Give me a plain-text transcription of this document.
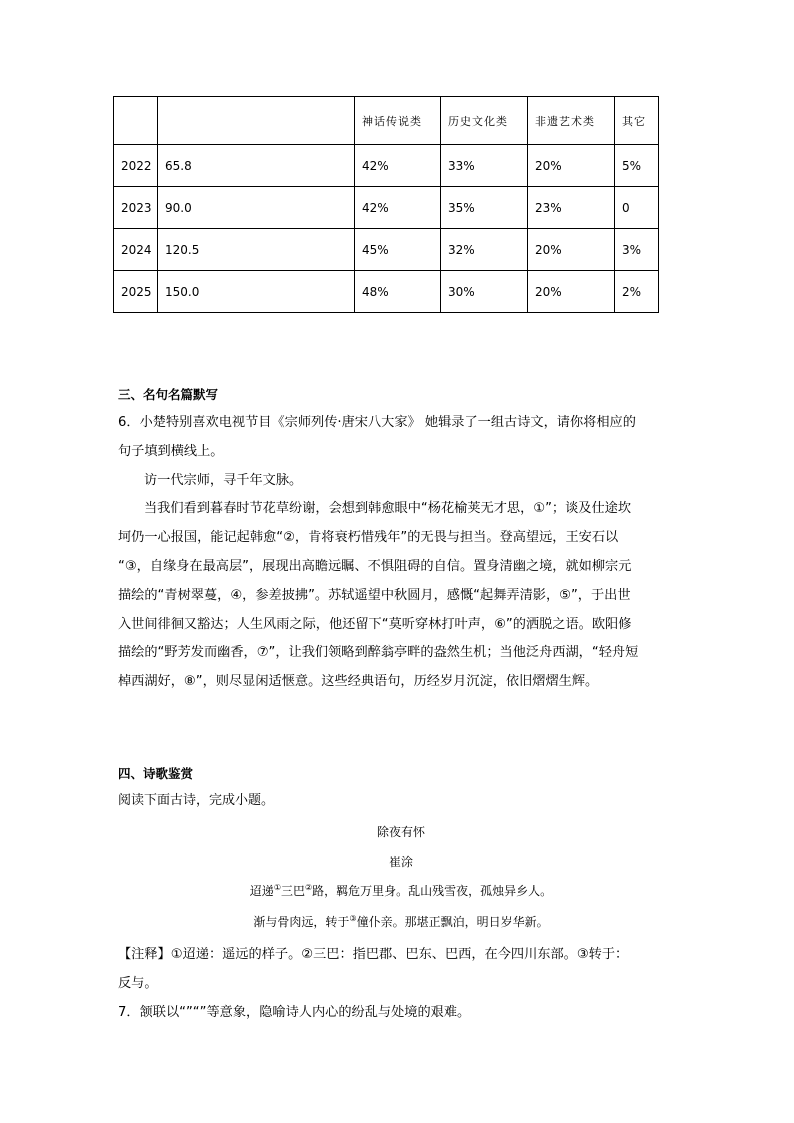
		神话传说类	历史文化类	非遗艺术类	其它
2022	65.8	42%	33%	20%	5%
2023	90.0	42%	35%	23%	0
2024	120.5	45%	32%	20%	3%
2025	150.0	48%	30%	20%	2%
三、名句名篇默写
6．小楚特别喜欢电视节目《宗师列传·唐宋八大家》 她辑录了一组古诗文，请你将相应的
句子填到横线上。
访一代宗师，寻千年文脉。
当我们看到暮春时节花草纷谢，会想到韩愈眼中“杨花榆荚无才思，①”；谈及仕途坎
坷仍一心报国，能记起韩愈“②，肯将衰朽惜残年”的无畏与担当。登高望远，王安石以
“③，自缘身在最高层”，展现出高瞻远瞩、不惧阻碍的自信。置身清幽之境，就如柳宗元
描绘的“青树翠蔓，④，参差披拂”。苏轼遥望中秋圆月，感慨“起舞弄清影，⑤”，于出世
入世间徘徊又豁达；人生风雨之际，他还留下“莫听穿林打叶声，⑥”的洒脱之语。欧阳修
描绘的“野芳发而幽香，⑦”，让我们领略到醉翁亭畔的盎然生机；当他泛舟西湖，“轻舟短
棹西湖好，⑧”，则尽显闲适惬意。这些经典语句，历经岁月沉淀，依旧熠熠生辉。
四、诗歌鉴赏
阅读下面古诗，完成小题。
除夜有怀
崔涂
迢递①三巴②路，羁危万里身。乱山残雪夜，孤烛异乡人。
渐与骨肉远，转于③僮仆亲。那堪正飘泊，明日岁华新。
【注释】①迢递：遥远的样子。②三巴：指巴郡、巴东、巴西，在今四川东部。③转于：
反与。
7．颔联以“”“”等意象，隐喻诗人内心的纷乱与处境的艰难。
